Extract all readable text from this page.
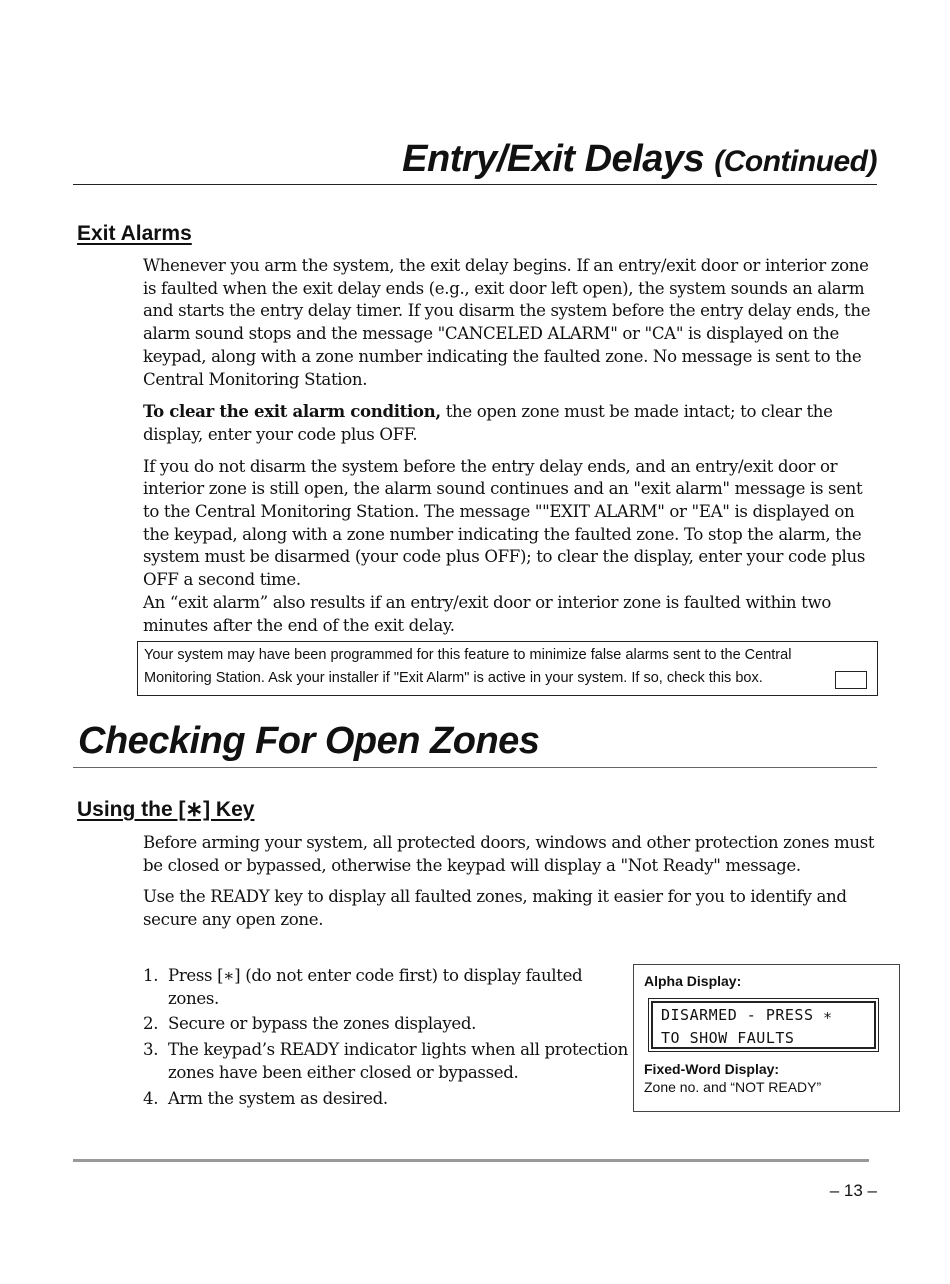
Entry/Exit Delays (Continued)
Exit Alarms

Whenever you arm the system, the exit delay begins. If an entry/exit door or interior zone is faulted when the exit delay ends (e.g., exit door left open), the system sounds an alarm and starts the entry delay timer. If you disarm the system before the entry delay ends, the alarm sound stops and the message "CANCELED ALARM" or "CA" is displayed on the keypad, along with a zone number indicating the faulted zone. No message is sent to the Central Monitoring Station.

To clear the exit alarm condition, the open zone must be made intact; to clear the display, enter your code plus OFF.

If you do not disarm the system before the entry delay ends, and an entry/exit door or interior zone is still open, the alarm sound continues and an "exit alarm" message is sent to the Central Monitoring Station. The message ""EXIT ALARM" or "EA" is displayed on the keypad, along with a zone number indicating the faulted zone. To stop the alarm, the system must be disarmed (your code plus OFF); to clear the display, enter your code plus OFF a second time.

An “exit alarm” also results if an entry/exit door or interior zone is faulted within two minutes after the end of the exit delay.

Your system may have been programmed for this feature to minimize false alarms sent to the Central

Monitoring Station. Ask your installer if "Exit Alarm" is active in your system. If so, check this box.

Checking For Open Zones
Using the [∗] Key

Before arming your system, all protected doors, windows and other protection zones must be closed or bypassed, otherwise the keypad will display a "Not Ready" message.

Use the READY key to display all faulted zones, making it easier for you to identify and secure any open zone.

1. Press [∗] (do not enter code first) to display faulted zones.
2. Secure or bypass the zones displayed.
3. The keypad’s READY indicator lights when all protection zones have been either closed or bypassed.
4. Arm the system as desired.
Alpha Display:
DISARMED - PRESS ∗
TO SHOW FAULTS
Fixed-Word Display:
Zone no. and “NOT READY”
– 13 –
